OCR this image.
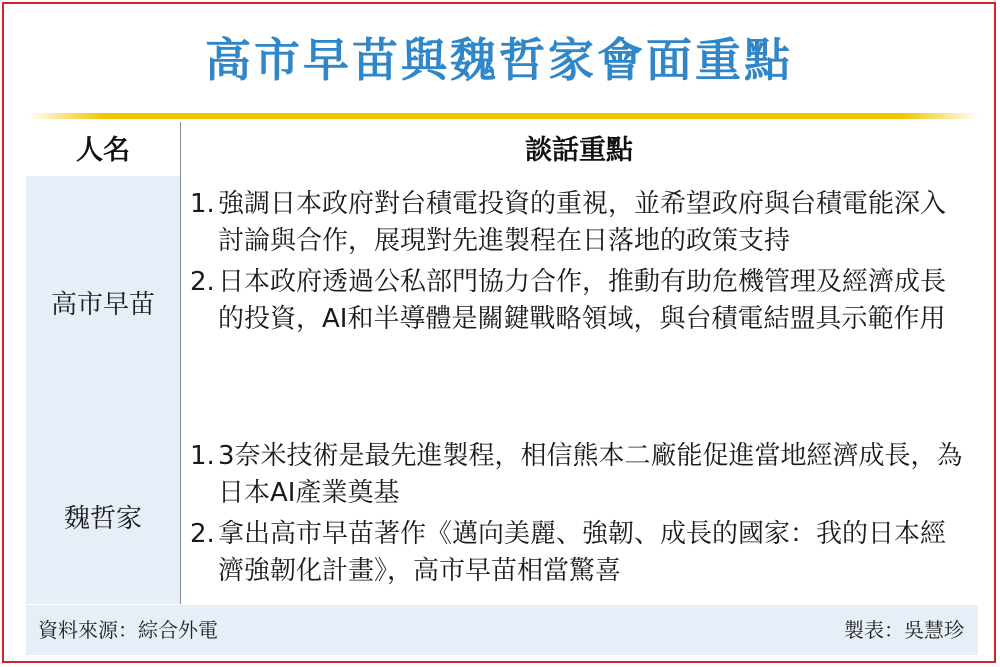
高市早苗與魏哲家會面重點
人名	談話重點
高市早苗
1. 強調日本政府對台積電投資的重視，並希望政府與台積電能深入討論與合作，展現對先進製程在日落地的政策支持
2. 日本政府透過公私部門協力合作，推動有助危機管理及經濟成長的投資，AI和半導體是關鍵戰略領域，與台積電結盟具示範作用
魏哲家
1. 3奈米技術是最先進製程，相信熊本二廠能促進當地經濟成長，為日本AI產業奠基
2. 拿出高市早苗著作《邁向美麗、強韌、成長的國家：我的日本經濟強韌化計畫》，高市早苗相當驚喜
資料來源：綜合外電	製表：吳慧珍
